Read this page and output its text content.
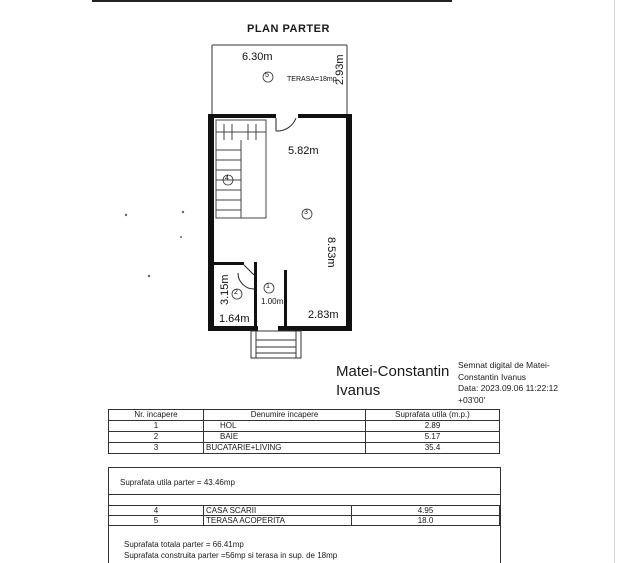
PLAN PARTER
6.30m
5
TERASA=18mp
2.93m
5.82m
8.53m
3
4
2
1
3.15m
1.64m
1.00m
2.83m
Matei-Constantin Ivanus
Semnat digital de Matei-
Constantin Ivanus
Data: 2023.09.06 11:22:12
+03'00'
Nr. incapere	Denumire incapere	Suprafata utila (m.p.)
1	HOL	2.89
2	BAIE	5.17
3	BUCATARIE+LIVING	35.4
Suprafata utila parter = 43.46mp
4	CASA SCARII	4.95
5	TERASA ACOPERITA	18.0
Suprafata totala parter = 66.41mp
Suprafata construita parter =56mp si terasa in sup. de 18mp
